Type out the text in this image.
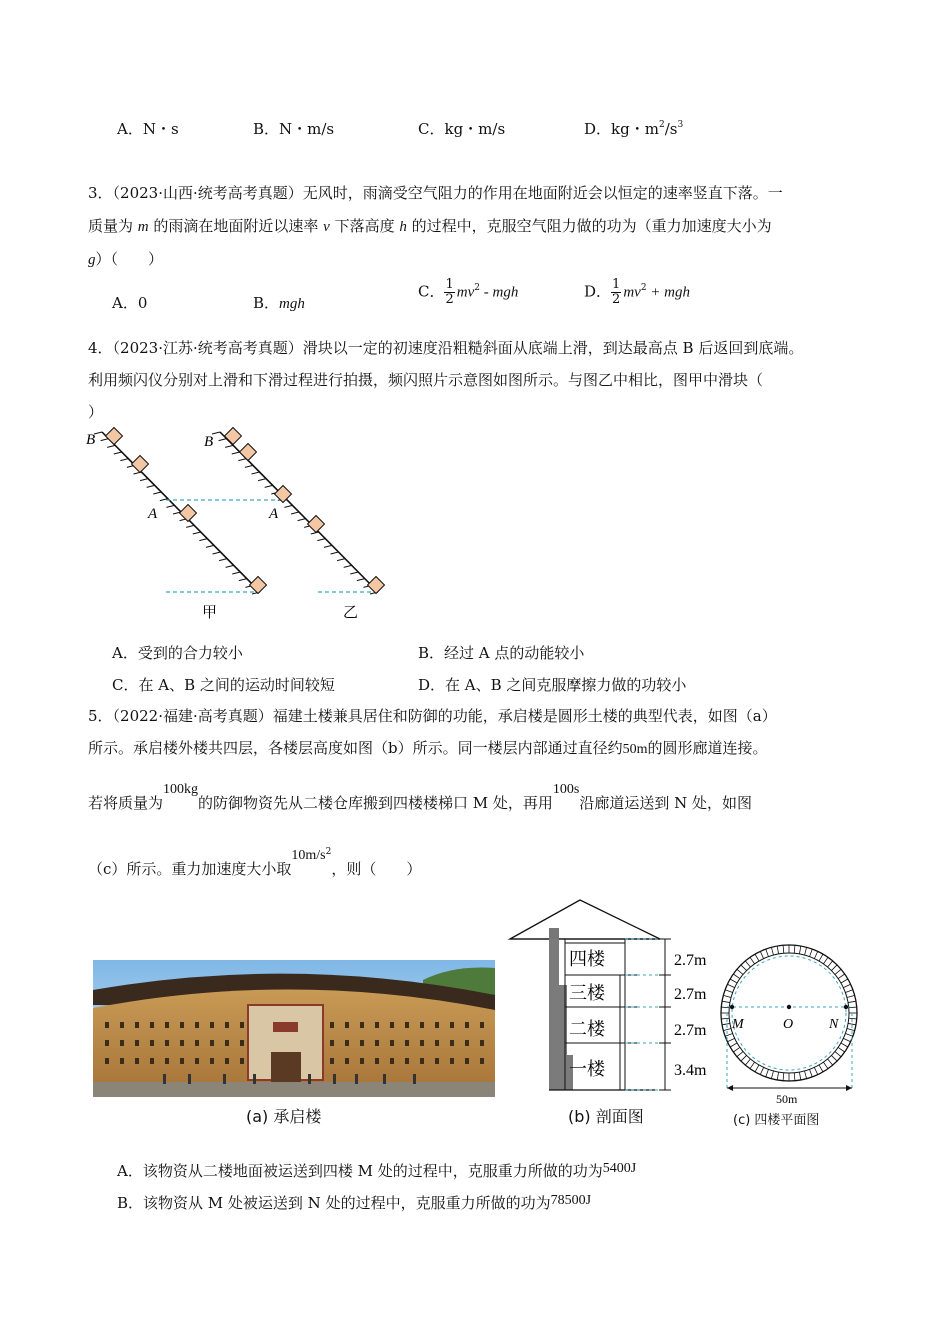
A．N・s	B．N・m/s	C．kg・m/s	D．kg・$m^2/s^3$
3．（2023·山西·统考高考真题）无风时，雨滴受空气阻力的作用在地面附近会以恒定的速率竖直下落。一
质量为 m 的雨滴在地面附近以速率 v 下落高度 h 的过程中，克服空气阻力做的功为（重力加速度大小为
g）（　　）
A．0	B．mgh
C． $\frac{1}{2} mv^2$ - mgh	D． $\frac{1}{2} mv^2$ + mgh
4．（2023·江苏·统考高考真题）滑块以一定的初速度沿粗糙斜面从底端上滑，到达最高点 B 后返回到底端。
利用频闪仪分别对上滑和下滑过程进行拍摄，频闪照片示意图如图所示。与图乙中相比，图甲中滑块（
）
B
A
B
A
甲	乙
A．受到的合力较小	B．经过 A 点的动能较小
C．在 A、B 之间的运动时间较短	D．在 A、B 之间克服摩擦力做的功较小
5．（2022·福建·高考真题）福建土楼兼具居住和防御的功能，承启楼是圆形土楼的典型代表，如图（a）
所示。承启楼外楼共四层，各楼层高度如图（b）所示。同一楼层内部通过直径约50m的圆形廊道连接。
若将质量为100kg的防御物资先从二楼仓库搬到四楼楼梯口 M 处，再用100s沿廊道运送到 N 处，如图
（c）所示。重力加速度大小取$10m/s^2$，则（　　）
(a) 承启楼
四楼
三楼
二楼
一楼
2.7m
2.7m
2.7m
3.4m
(b) 剖面图
M	O	N
50m
(c) 四楼平面图
A．该物资从二楼地面被运送到四楼 M 处的过程中，克服重力所做的功为5400J
B．该物资从 M 处被运送到 N 处的过程中，克服重力所做的功为78500J
